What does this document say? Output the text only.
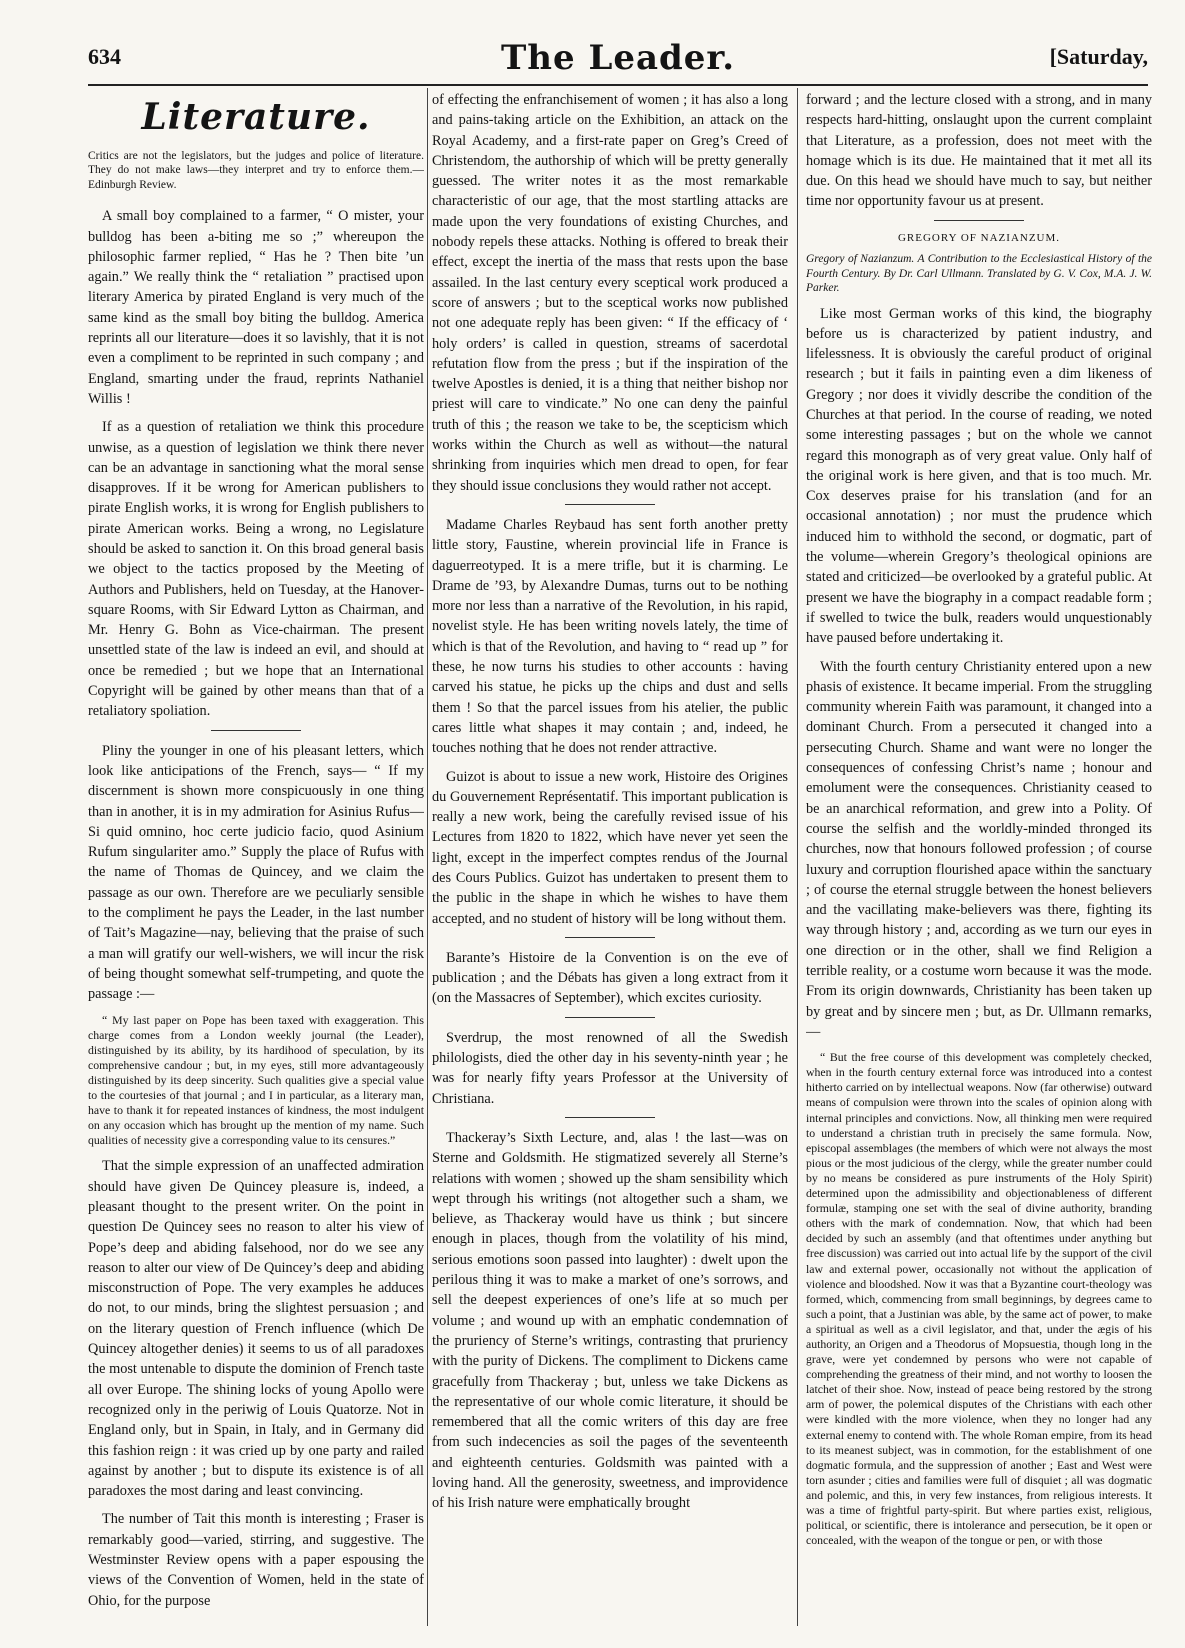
634	The Leader.	[Saturday,
Literature.
Critics are not the legislators, but the judges and police of literature. They do not make laws—they interpret and try to enforce them.—Edinburgh Review.

A small boy complained to a farmer, “ O mister, your bulldog has been a-biting me so ;” whereupon the philosophic farmer replied, “ Has he ? Then bite ’un again.” We really think the “ retaliation ” practised upon literary America by pirated England is very much of the same kind as the small boy biting the bulldog. America reprints all our literature—does it so lavishly, that it is not even a compliment to be reprinted in such company ; and England, smarting under the fraud, reprints Nathaniel Willis !

If as a question of retaliation we think this procedure unwise, as a question of legislation we think there never can be an advantage in sanctioning what the moral sense disapproves. If it be wrong for American publishers to pirate English works, it is wrong for English publishers to pirate American works. Being a wrong, no Legislature should be asked to sanction it. On this broad general basis we object to the tactics proposed by the Meeting of Authors and Publishers, held on Tuesday, at the Hanover-square Rooms, with Sir Edward Lytton as Chairman, and Mr. Henry G. Bohn as Vice-chairman. The present unsettled state of the law is indeed an evil, and should at once be remedied ; but we hope that an International Copyright will be gained by other means than that of a retaliatory spoliation.

Pliny the younger in one of his pleasant letters, which look like anticipations of the French, says— “ If my discernment is shown more conspicuously in one thing than in another, it is in my admiration for Asinius Rufus—Si quid omnino, hoc certe judicio facio, quod Asinium Rufum singulariter amo.” Supply the place of Rufus with the name of Thomas de Quincey, and we claim the passage as our own. Therefore are we peculiarly sensible to the compliment he pays the Leader, in the last number of Tait’s Magazine—nay, believing that the praise of such a man will gratify our well-wishers, we will incur the risk of being thought somewhat self-trumpeting, and quote the passage :—

“ My last paper on Pope has been taxed with exaggeration. This charge comes from a London weekly journal (the Leader), distinguished by its ability, by its hardihood of speculation, by its comprehensive candour ; but, in my eyes, still more advantageously distinguished by its deep sincerity. Such qualities give a special value to the courtesies of that journal ; and I in particular, as a literary man, have to thank it for repeated instances of kindness, the most indulgent on any occasion which has brought up the mention of my name. Such qualities of necessity give a corresponding value to its censures.”

That the simple expression of an unaffected admiration should have given De Quincey pleasure is, indeed, a pleasant thought to the present writer. On the point in question De Quincey sees no reason to alter his view of Pope’s deep and abiding falsehood, nor do we see any reason to alter our view of De Quincey’s deep and abiding misconstruction of Pope. The very examples he adduces do not, to our minds, bring the slightest persuasion ; and on the literary question of French influence (which De Quincey altogether denies) it seems to us of all paradoxes the most untenable to dispute the dominion of French taste all over Europe. The shining locks of young Apollo were recognized only in the periwig of Louis Quatorze. Not in England only, but in Spain, in Italy, and in Germany did this fashion reign : it was cried up by one party and railed against by another ; but to dispute its existence is of all paradoxes the most daring and least convincing.

The number of Tait this month is interesting ; Fraser is remarkably good—varied, stirring, and suggestive. The Westminster Review opens with a paper espousing the views of the Convention of Women, held in the state of Ohio, for the purpose

of effecting the enfranchisement of women ; it has also a long and pains-taking article on the Exhibition, an attack on the Royal Academy, and a first-rate paper on Greg’s Creed of Christendom, the authorship of which will be pretty generally guessed. The writer notes it as the most remarkable characteristic of our age, that the most startling attacks are made upon the very foundations of existing Churches, and nobody repels these attacks. Nothing is offered to break their effect, except the inertia of the mass that rests upon the base assailed. In the last century every sceptical work produced a score of answers ; but to the sceptical works now published not one adequate reply has been given: “ If the efficacy of ‘ holy orders’ is called in question, streams of sacerdotal refutation flow from the press ; but if the inspiration of the twelve Apostles is denied, it is a thing that neither bishop nor priest will care to vindicate.” No one can deny the painful truth of this ; the reason we take to be, the scepticism which works within the Church as well as without—the natural shrinking from inquiries which men dread to open, for fear they should issue conclusions they would rather not accept.

Madame Charles Reybaud has sent forth another pretty little story, Faustine, wherein provincial life in France is daguerreotyped. It is a mere trifle, but it is charming. Le Drame de ’93, by Alexandre Dumas, turns out to be nothing more nor less than a narrative of the Revolution, in his rapid, novelist style. He has been writing novels lately, the time of which is that of the Revolution, and having to “ read up ” for these, he now turns his studies to other accounts : having carved his statue, he picks up the chips and dust and sells them ! So that the parcel issues from his atelier, the public cares little what shapes it may contain ; and, indeed, he touches nothing that he does not render attractive.

Guizot is about to issue a new work, Histoire des Origines du Gouvernement Représentatif. This important publication is really a new work, being the carefully revised issue of his Lectures from 1820 to 1822, which have never yet seen the light, except in the imperfect comptes rendus of the Journal des Cours Publics. Guizot has undertaken to present them to the public in the shape in which he wishes to have them accepted, and no student of history will be long without them.

Barante’s Histoire de la Convention is on the eve of publication ; and the Débats has given a long extract from it (on the Massacres of September), which excites curiosity.

Sverdrup, the most renowned of all the Swedish philologists, died the other day in his seventy-ninth year ; he was for nearly fifty years Professor at the University of Christiana.

Thackeray’s Sixth Lecture, and, alas ! the last—was on Sterne and Goldsmith. He stigmatized severely all Sterne’s relations with women ; showed up the sham sensibility which wept through his writings (not altogether such a sham, we believe, as Thackeray would have us think ; but sincere enough in places, though from the volatility of his mind, serious emotions soon passed into laughter) : dwelt upon the perilous thing it was to make a market of one’s sorrows, and sell the deepest experiences of one’s life at so much per volume ; and wound up with an emphatic condemnation of the pruriency of Sterne’s writings, contrasting that pruriency with the purity of Dickens. The compliment to Dickens came gracefully from Thackeray ; but, unless we take Dickens as the representative of our whole comic literature, it should be remembered that all the comic writers of this day are free from such indecencies as soil the pages of the seventeenth and eighteenth centuries. Goldsmith was painted with a loving hand. All the generosity, sweetness, and improvidence of his Irish nature were emphatically brought

forward ; and the lecture closed with a strong, and in many respects hard-hitting, onslaught upon the current complaint that Literature, as a profession, does not meet with the homage which is its due. He maintained that it met all its due. On this head we should have much to say, but neither time nor opportunity favour us at present.

GREGORY OF NAZIANZUM.
Gregory of Nazianzum. A Contribution to the Ecclesiastical History of the Fourth Century. By Dr. Carl Ullmann. Translated by G. V. Cox, M.A. J. W. Parker.

Like most German works of this kind, the biography before us is characterized by patient industry, and lifelessness. It is obviously the careful product of original research ; but it fails in painting even a dim likeness of Gregory ; nor does it vividly describe the condition of the Churches at that period. In the course of reading, we noted some interesting passages ; but on the whole we cannot regard this monograph as of very great value. Only half of the original work is here given, and that is too much. Mr. Cox deserves praise for his translation (and for an occasional annotation) ; nor must the prudence which induced him to withhold the second, or dogmatic, part of the volume—wherein Gregory’s theological opinions are stated and criticized—be overlooked by a grateful public. At present we have the biography in a compact readable form ; if swelled to twice the bulk, readers would unquestionably have paused before undertaking it.

With the fourth century Christianity entered upon a new phasis of existence. It became imperial. From the struggling community wherein Faith was paramount, it changed into a dominant Church. From a persecuted it changed into a persecuting Church. Shame and want were no longer the consequences of confessing Christ’s name ; honour and emolument were the consequences. Christianity ceased to be an anarchical reformation, and grew into a Polity. Of course the selfish and the worldly-minded thronged its churches, now that honours followed profession ; of course luxury and corruption flourished apace within the sanctuary ; of course the eternal struggle between the honest believers and the vacillating make-believers was there, fighting its way through history ; and, according as we turn our eyes in one direction or in the other, shall we find Religion a terrible reality, or a costume worn because it was the mode. From its origin downwards, Christianity has been taken up by great and by sincere men ; but, as Dr. Ullmann remarks,—

“ But the free course of this development was completely checked, when in the fourth century external force was introduced into a contest hitherto carried on by intellectual weapons. Now (far otherwise) outward means of compulsion were thrown into the scales of opinion along with internal principles and convictions. Now, all thinking men were required to understand a christian truth in precisely the same formula. Now, episcopal assemblages (the members of which were not always the most pious or the most judicious of the clergy, while the greater number could by no means be considered as pure instruments of the Holy Spirit) determined upon the admissibility and objectionableness of different formulæ, stamping one set with the seal of divine authority, branding others with the mark of condemnation. Now, that which had been decided by such an assembly (and that oftentimes under anything but free discussion) was carried out into actual life by the support of the civil law and external power, occasionally not without the application of violence and bloodshed. Now it was that a Byzantine court-theology was formed, which, commencing from small beginnings, by degrees came to such a point, that a Justinian was able, by the same act of power, to make a spiritual as well as a civil legislator, and that, under the ægis of his authority, an Origen and a Theodorus of Mopsuestia, though long in the grave, were yet condemned by persons who were not capable of comprehending the greatness of their mind, and not worthy to loosen the latchet of their shoe. Now, instead of peace being restored by the strong arm of power, the polemical disputes of the Christians with each other were kindled with the more violence, when they no longer had any external enemy to contend with. The whole Roman empire, from its head to its meanest subject, was in commotion, for the establishment of one dogmatic formula, and the suppression of another ; East and West were torn asunder ; cities and families were full of disquiet ; all was dogmatic and polemic, and this, in very few instances, from religious interests. It was a time of frightful party-spirit. But where parties exist, religious, political, or scientific, there is intolerance and persecution, be it open or concealed, with the weapon of the tongue or pen, or with those
